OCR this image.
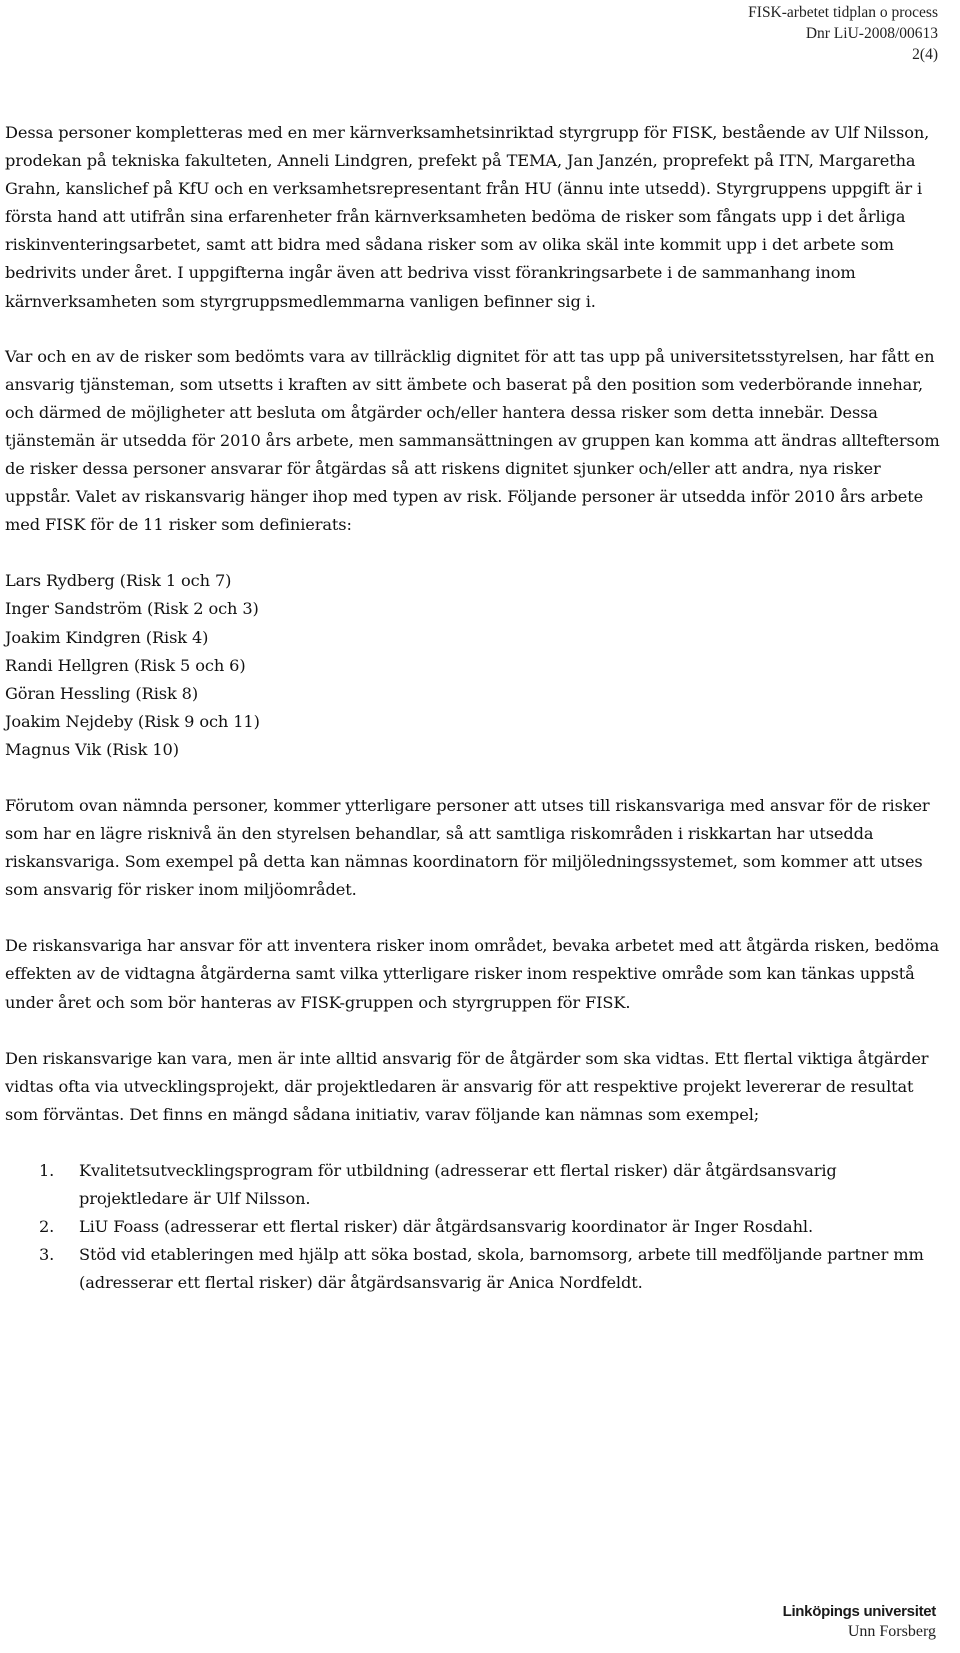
FISK-arbetet tidplan o process
Dnr LiU-2008/00613
2(4)

Dessa personer kompletteras med en mer kärnverksamhetsinriktad styrgrupp för FISK, bestående av Ulf Nilsson, prodekan på tekniska fakulteten, Anneli Lindgren, prefekt på TEMA, Jan Janzén, proprefekt på ITN, Margaretha Grahn, kanslichef på KfU och en verksamhetsrepresentant från HU (ännu inte utsedd). Styrgruppens uppgift är i första hand att utifrån sina erfarenheter från kärnverksamheten bedöma de risker som fångats upp i det årliga riskinventeringsarbetet, samt att bidra med sådana risker som av olika skäl inte kommit upp i det arbete som bedrivits under året. I uppgifterna ingår även att bedriva visst förankringsarbete i de sammanhang inom kärnverksamheten som styrgruppsmedlemmarna vanligen befinner sig i.

Var och en av de risker som bedömts vara av tillräcklig dignitet för att tas upp på universitetsstyrelsen, har fått en ansvarig tjänsteman, som utsetts i kraften av sitt ämbete och baserat på den position som vederbörande innehar, och därmed de möjligheter att besluta om åtgärder och/eller hantera dessa risker som detta innebär. Dessa tjänstemän är utsedda för 2010 års arbete, men sammansättningen av gruppen kan komma att ändras allteftersom de risker dessa personer ansvarar för åtgärdas så att riskens dignitet sjunker och/eller att andra, nya risker uppstår. Valet av riskansvarig hänger ihop med typen av risk. Följande personer är utsedda inför 2010 års arbete med FISK för de 11 risker som definierats:

Lars Rydberg (Risk 1 och 7)
Inger Sandström (Risk 2 och 3)
Joakim Kindgren (Risk 4)
Randi Hellgren (Risk 5 och 6)
Göran Hessling (Risk 8)
Joakim Nejdeby (Risk 9 och 11)
Magnus Vik (Risk 10)

Förutom ovan nämnda personer, kommer ytterligare personer att utses till riskansvariga med ansvar för de risker som har en lägre risknivå än den styrelsen behandlar, så att samtliga riskområden i riskkartan har utsedda riskansvariga. Som exempel på detta kan nämnas koordinatorn för miljöledningssystemet, som kommer att utses som ansvarig för risker inom miljöområdet.

De riskansvariga har ansvar för att inventera risker inom området, bevaka arbetet med att åtgärda risken, bedöma effekten av de vidtagna åtgärderna samt vilka ytterligare risker inom respektive område som kan tänkas uppstå under året och som bör hanteras av FISK-gruppen och styrgruppen för FISK.

Den riskansvarige kan vara, men är inte alltid ansvarig för de åtgärder som ska vidtas. Ett flertal viktiga åtgärder vidtas ofta via utvecklingsprojekt, där projektledaren är ansvarig för att respektive projekt levererar de resultat som förväntas. Det finns en mängd sådana initiativ, varav följande kan nämnas som exempel;

1. Kvalitetsutvecklingsprogram för utbildning (adresserar ett flertal risker) där åtgärdsansvarig projektledare är Ulf Nilsson.
2. LiU Foass (adresserar ett flertal risker) där åtgärdsansvarig koordinator är Inger Rosdahl.
3. Stöd vid etableringen med hjälp att söka bostad, skola, barnomsorg, arbete till medföljande partner mm (adresserar ett flertal risker) där åtgärdsansvarig är Anica Nordfeldt.
Linköpings universitet
Unn Forsberg
